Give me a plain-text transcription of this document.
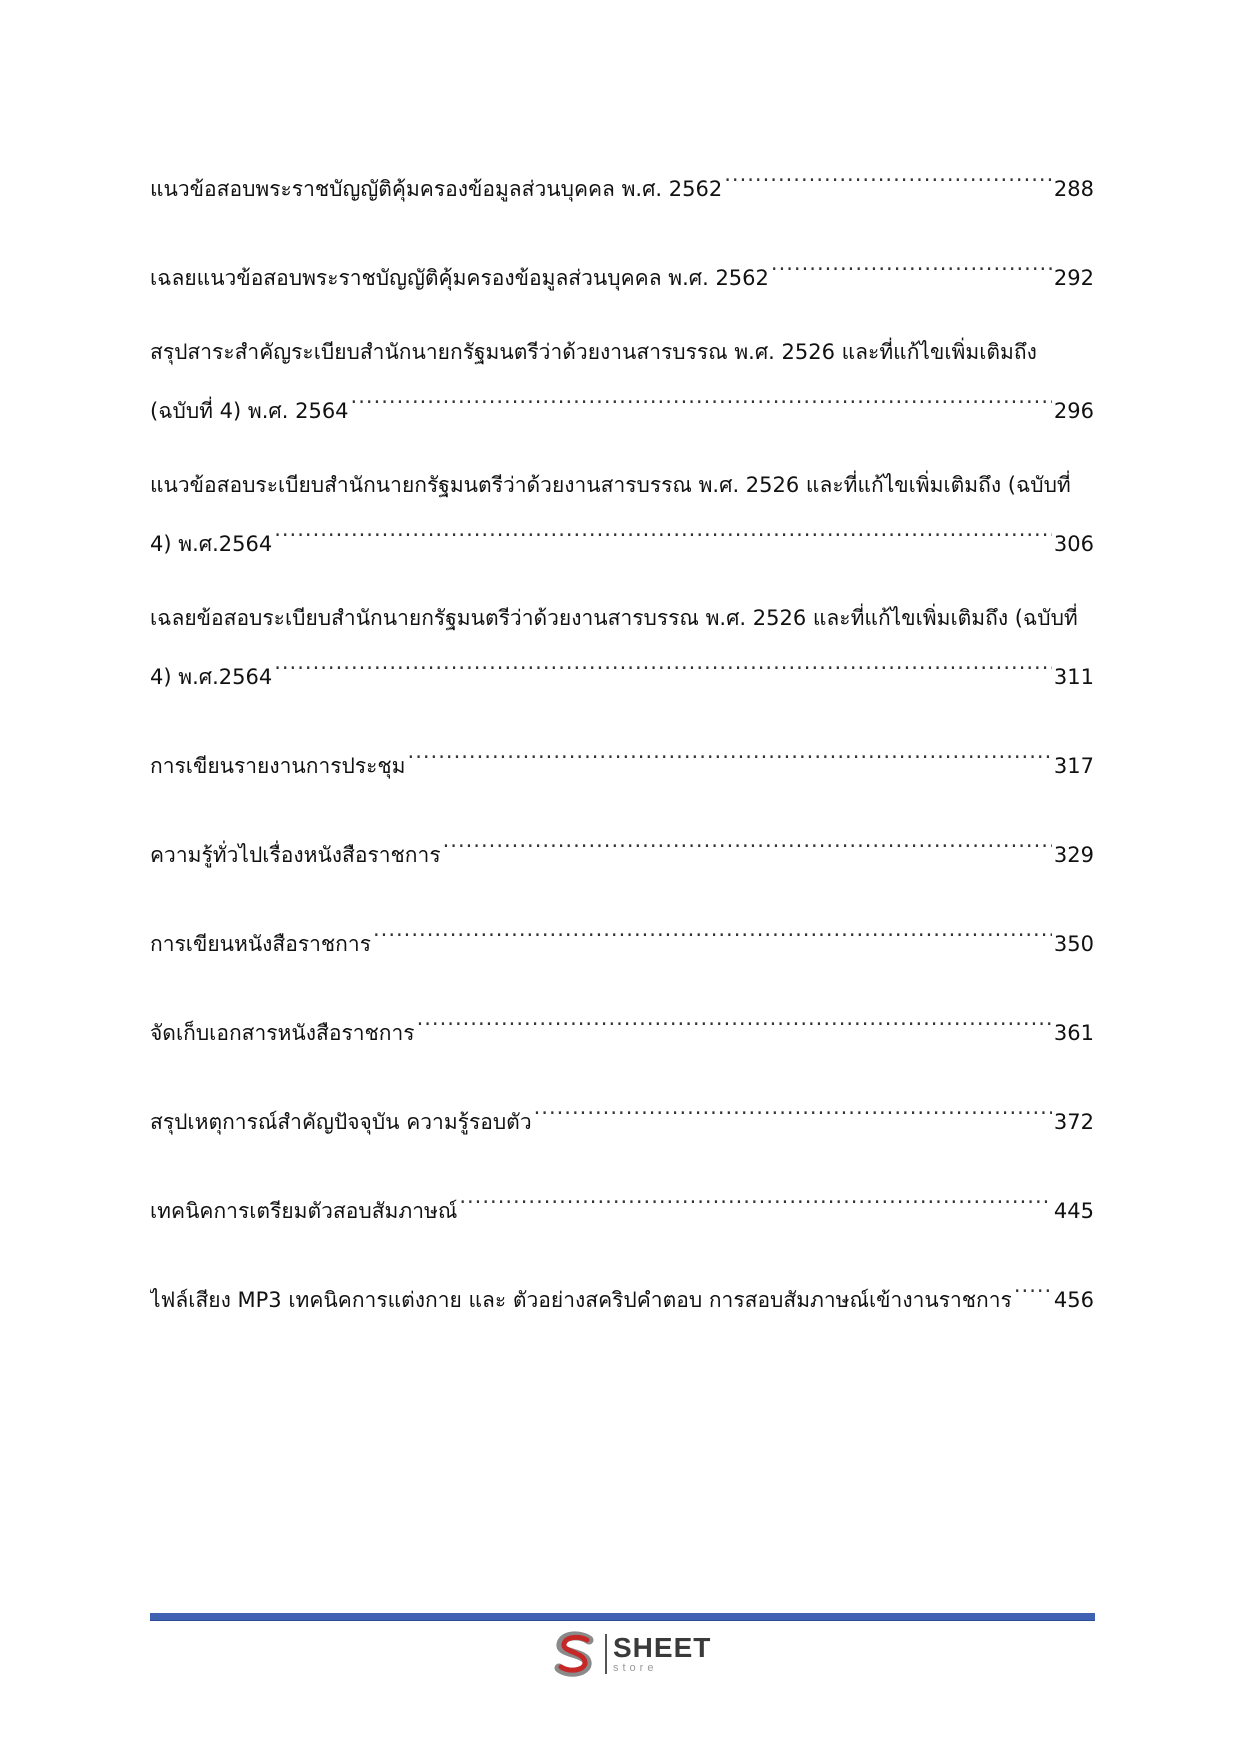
แนวข้อสอบพระราชบัญญัติคุ้มครองข้อมูลส่วนบุคคล พ.ศ. 2562 .....	288
เฉลยแนวข้อสอบพระราชบัญญัติคุ้มครองข้อมูลส่วนบุคคล พ.ศ. 2562 .....	292
สรุปสาระสำคัญระเบียบสำนักนายกรัฐมนตรีว่าด้วยงานสารบรรณ พ.ศ. 2526 และที่แก้ไขเพิ่มเติมถึง
(ฉบับที่ 4) พ.ศ. 2564 .....	296
แนวข้อสอบระเบียบสำนักนายกรัฐมนตรีว่าด้วยงานสารบรรณ พ.ศ. 2526 และที่แก้ไขเพิ่มเติมถึง (ฉบับที่
4) พ.ศ.2564 .....	306
เฉลยข้อสอบระเบียบสำนักนายกรัฐมนตรีว่าด้วยงานสารบรรณ พ.ศ. 2526 และที่แก้ไขเพิ่มเติมถึง (ฉบับที่
4) พ.ศ.2564 .....	311
การเขียนรายงานการประชุม .....	317
ความรู้ทั่วไปเรื่องหนังสือราชการ .....	329
การเขียนหนังสือราชการ .....	350
จัดเก็บเอกสารหนังสือราชการ .....	361
สรุปเหตุการณ์สำคัญปัจจุบัน ความรู้รอบตัว .....	372
เทคนิคการเตรียมตัวสอบสัมภาษณ์ .....	445
ไฟล์เสียง MP3 เทคนิคการแต่งกาย และ ตัวอย่างสคริปคำตอบ การสอบสัมภาษณ์เข้างานราชการ ..... 456
SHEET
store
